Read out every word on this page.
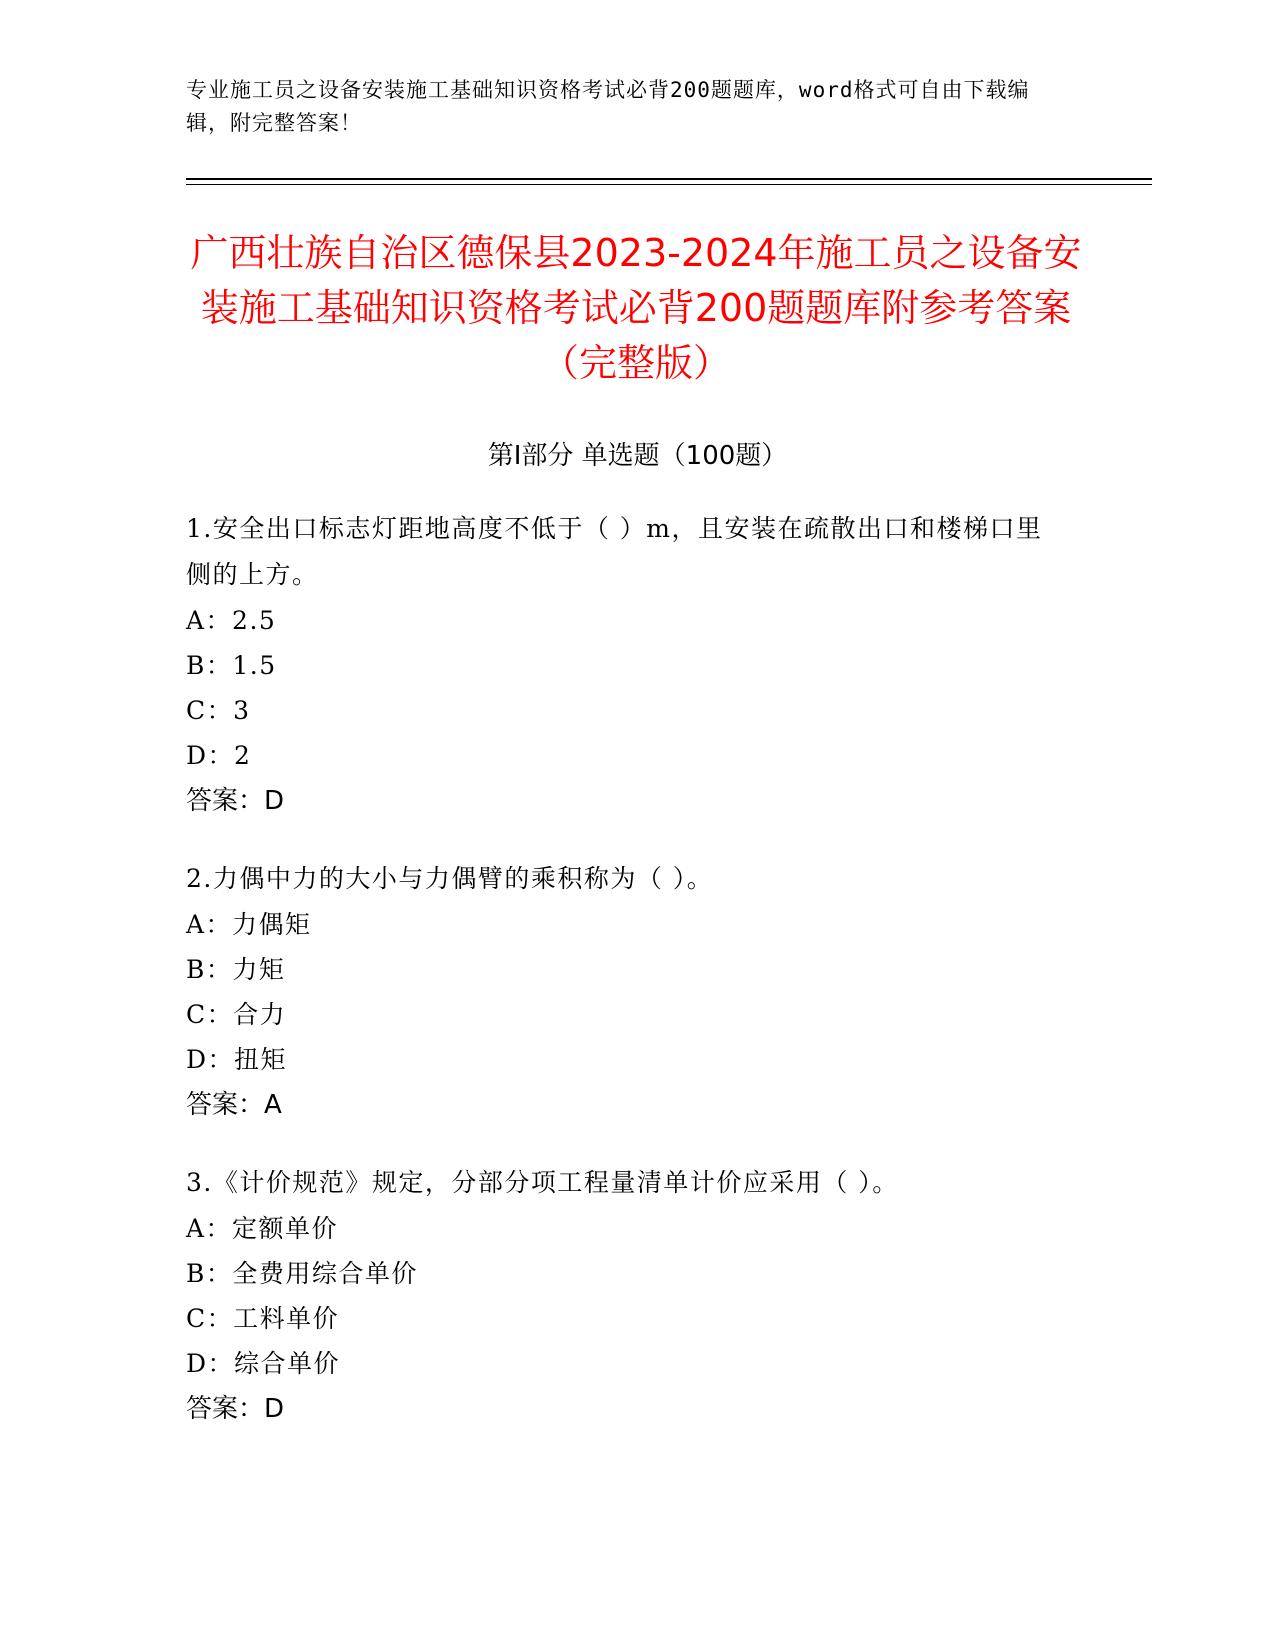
专业施工员之设备安装施工基础知识资格考试必背200题题库，word格式可自由下载编辑，附完整答案！
广西壮族自治区德保县2023-2024年施工员之设备安装施工基础知识资格考试必背200题题库附参考答案（完整版）
第Ⅰ部分 单选题（100题）
1.安全出口标志灯距地高度不低于（ ）m，且安装在疏散出口和楼梯口里侧的上方。
A：2.5
B：1.5
C：3
D：2
答案：D
2.力偶中力的大小与力偶臂的乘积称为（ ）。
A：力偶矩
B：力矩
C：合力
D：扭矩
答案：A
3.《计价规范》规定，分部分项工程量清单计价应采用（ ）。
A：定额单价
B：全费用综合单价
C：工料单价
D：综合单价
答案：D
